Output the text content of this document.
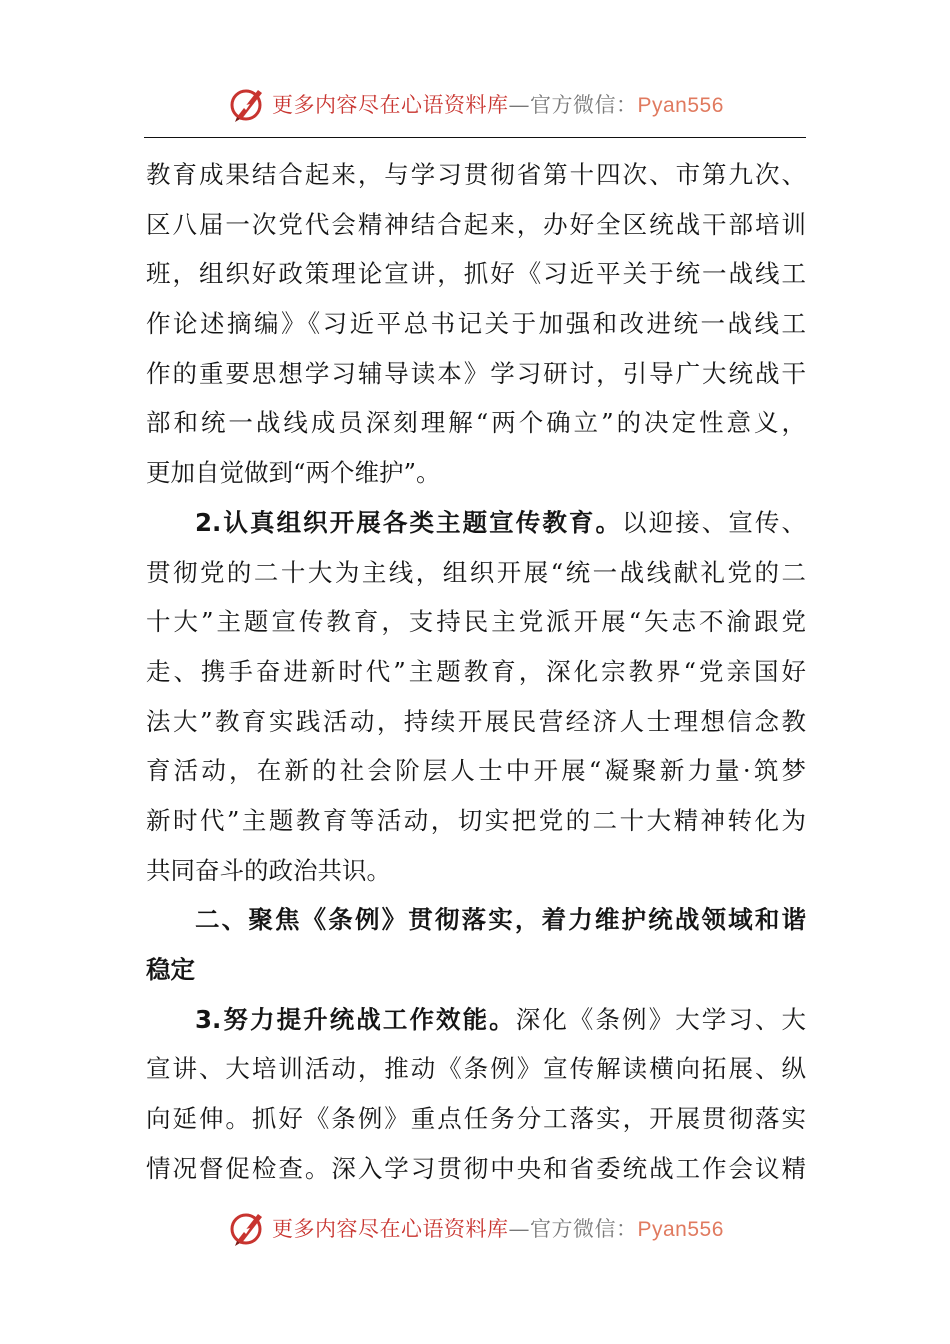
更多内容尽在心语资料库—官方微信：Pyan556
教育成果结合起来，与学习贯彻省第十四次、市第九次、
区八届一次党代会精神结合起来，办好全区统战干部培训
班，组织好政策理论宣讲，抓好《习近平关于统一战线工
作论述摘编》《习近平总书记关于加强和改进统一战线工
作的重要思想学习辅导读本》学习研讨，引导广大统战干
部和统一战线成员深刻理解“两个确立”的决定性意义，
更加自觉做到“两个维护”。
2.认真组织开展各类主题宣传教育。以迎接、宣传、
贯彻党的二十大为主线，组织开展“统一战线献礼党的二
十大”主题宣传教育，支持民主党派开展“矢志不渝跟党
走、携手奋进新时代”主题教育，深化宗教界“党亲国好
法大”教育实践活动，持续开展民营经济人士理想信念教
育活动，在新的社会阶层人士中开展“凝聚新力量·筑梦
新时代”主题教育等活动，切实把党的二十大精神转化为
共同奋斗的政治共识。
二、聚焦《条例》贯彻落实，着力维护统战领域和谐
稳定
3.努力提升统战工作效能。深化《条例》大学习、大
宣讲、大培训活动，推动《条例》宣传解读横向拓展、纵
向延伸。抓好《条例》重点任务分工落实，开展贯彻落实
情况督促检查。深入学习贯彻中央和省委统战工作会议精
更多内容尽在心语资料库—官方微信：Pyan556
